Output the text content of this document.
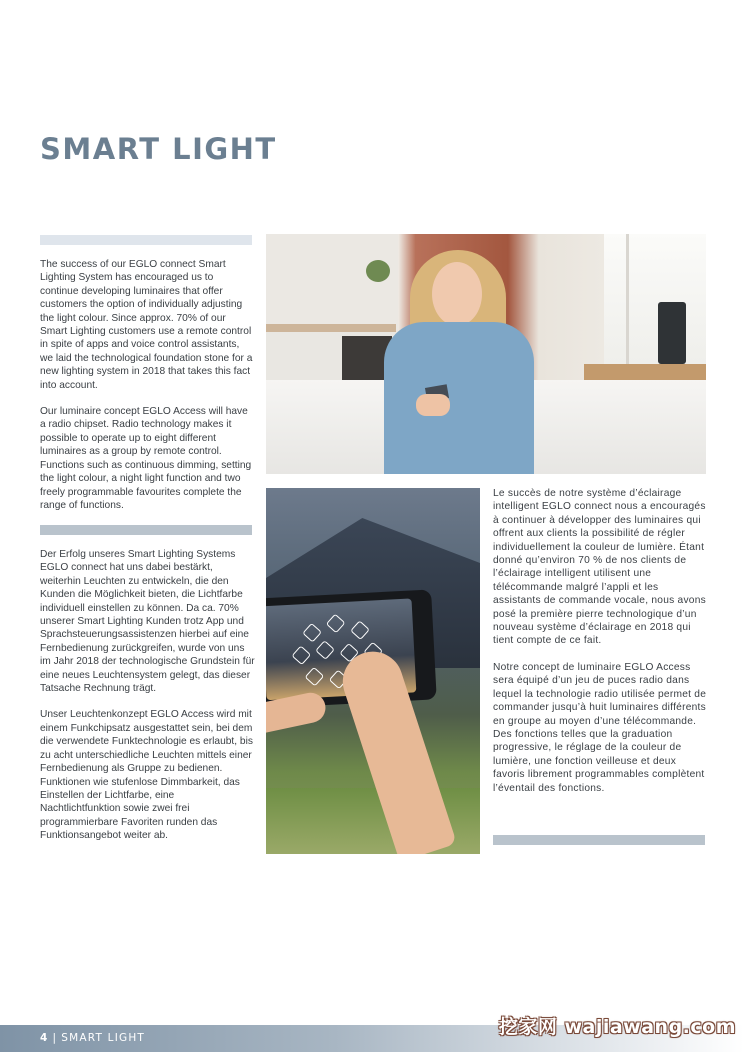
SMART LIGHT

The success of our EGLO connect Smart Lighting System has encouraged us to continue developing luminaires that offer customers the option of individually adjusting the light colour. Since approx. 70% of our Smart Lighting customers use a remote control in spite of apps and voice control assistants, we laid the technological foundation stone for a new lighting system in 2018 that takes this fact into account.

Our luminaire concept EGLO Access will have a radio chipset. Radio technology makes it possible to operate up to eight different luminaires as a group by remote control. Functions such as continuous dimming, setting the light colour, a night light function and two freely programmable favourites complete the range of functions.

Der Erfolg unseres Smart Lighting Systems EGLO connect hat uns dabei bestärkt, weiterhin Leuchten zu entwickeln, die den Kunden die Möglichkeit bieten, die Lichtfarbe individuell einstellen zu können. Da ca. 70% unserer Smart Lighting Kunden trotz App und Sprachsteuerungsassistenzen hierbei auf eine Fernbedienung zurückgreifen, wurde von uns im Jahr 2018 der technologische Grundstein für eine neues Leuchtensystem gelegt, das dieser Tatsache Rechnung trägt.

Unser Leuchtenkonzept EGLO Access wird mit einem Funkchipsatz ausgestattet sein, bei dem die verwendete Funktechnologie es erlaubt, bis zu acht unterschiedliche Leuchten mittels einer Fernbedienung als Gruppe zu bedienen. Funktionen wie stufenlose Dimmbarkeit, das Einstellen der Lichtfarbe, eine Nachtlichtfunktion sowie zwei frei programmierbare Favoriten runden das Funktionsangebot weiter ab.

Le succès de notre système d’éclairage intelligent EGLO connect nous a encouragés à continuer à développer des luminaires qui offrent aux clients la possibilité de régler individuellement la couleur de lumière. Étant donné qu’environ 70 % de nos clients de l’éclairage intelligent utilisent une télécommande malgré l’appli et les assistants de commande vocale, nous avons posé la première pierre technologique d’un nouveau système d’éclairage en 2018 qui tient compte de ce fait.

Notre concept de luminaire EGLO Access sera équipé d’un jeu de puces radio dans lequel la technologie radio utilisée permet de commander jusqu’à huit luminaires différents en groupe au moyen d’une télécommande. Des fonctions telles que la graduation progressive, le réglage de la couleur de lumière, une fonction veilleuse et deux favoris librement programmables complètent l’éventail des fonctions.

4 | SMART LIGHT	挖家网 wajiawang.com
